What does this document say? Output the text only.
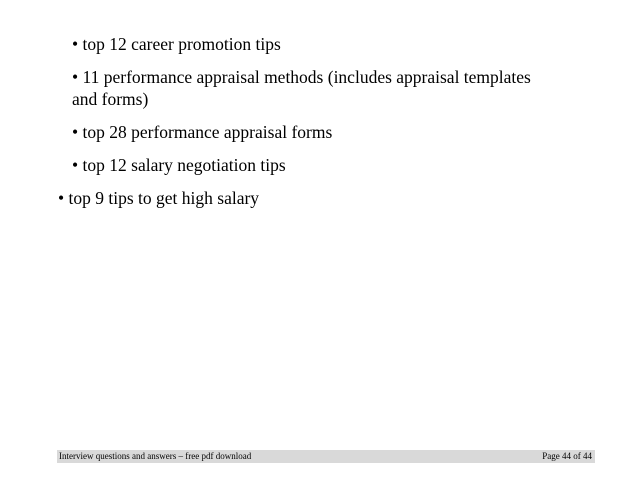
• top 12 career promotion tips
• 11 performance appraisal methods (includes appraisal templates
and forms)
• top 28 performance appraisal forms
• top 12 salary negotiation tips
• top 9 tips to get high salary
Interview questions and answers – free pdf download	Page 44 of 44
